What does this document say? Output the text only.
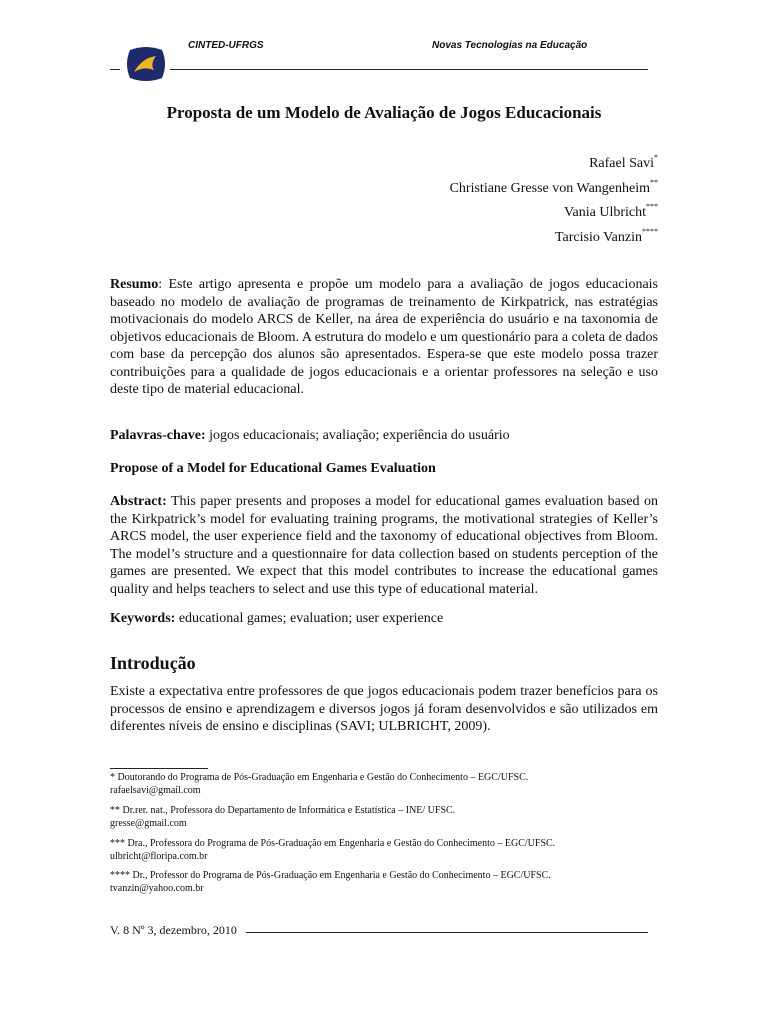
CINTED-UFRGS	Novas Tecnologias na Educação
Proposta de um Modelo de Avaliação de Jogos Educacionais
Rafael Savi*
Christiane Gresse von Wangenheim**
Vania Ulbricht***
Tarcisio Vanzin****
Resumo: Este artigo apresenta e propõe um modelo para a avaliação de jogos educacionais baseado no modelo de avaliação de programas de treinamento de Kirkpatrick, nas estratégias motivacionais do modelo ARCS de Keller, na área de experiência do usuário e na taxonomia de objetivos educacionais de Bloom. A estrutura do modelo e um questionário para a coleta de dados com base da percepção dos alunos são apresentados. Espera-se que este modelo possa trazer contribuições para a qualidade de jogos educacionais e a orientar professores na seleção e uso deste tipo de material educacional.
Palavras-chave: jogos educacionais; avaliação; experiência do usuário
Propose of a Model for Educational Games Evaluation
Abstract: This paper presents and proposes a model for educational games evaluation based on the Kirkpatrick’s model for evaluating training programs, the motivational strategies of Keller’s ARCS model, the user experience field and the taxonomy of educational objectives from Bloom. The model’s structure and a questionnaire for data collection based on students perception of the games are presented. We expect that this model contributes to increase the educational games quality and helps teachers to select and use this type of educational material.
Keywords: educational games; evaluation; user experience
Introdução
Existe a expectativa entre professores de que jogos educacionais podem trazer benefícios para os processos de ensino e aprendizagem e diversos jogos já foram desenvolvidos e são utilizados em diferentes níveis de ensino e disciplinas (SAVI; ULBRICHT, 2009).
* Doutorando do Programa de Pós-Graduação em Engenharia e Gestão do Conhecimento – EGC/UFSC.
rafaelsavi@gmail.com
** Dr.rer. nat., Professora do Departamento de Informática e Estatística – INE/ UFSC.
gresse@gmail.com
*** Dra., Professora do Programa de Pós-Graduação em Engenharia e Gestão do Conhecimento – EGC/UFSC.
ulbricht@floripa.com.br
**** Dr., Professor do Programa de Pós-Graduação em Engenharia e Gestão do Conhecimento – EGC/UFSC.
tvanzin@yahoo.com.br
V. 8 Nº 3, dezembro, 2010
